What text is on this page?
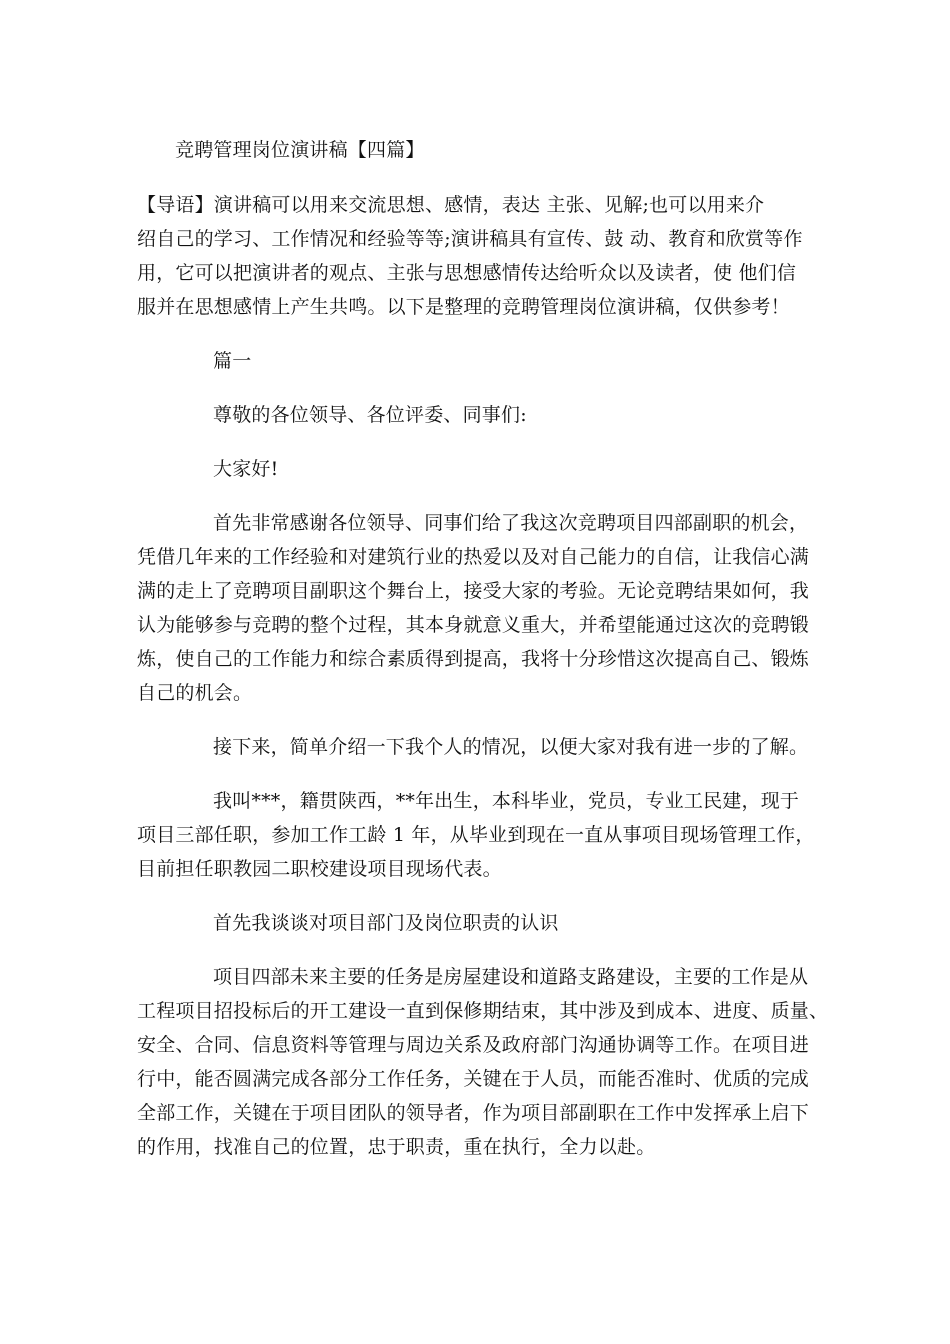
竞聘管理岗位演讲稿【四篇】
【导语】演讲稿可以用来交流思想、感情，表达 主张、见解;也可以用来介
绍自己的学习、工作情况和经验等等;演讲稿具有宣传、鼓 动、教育和欣赏等作
用，它可以把演讲者的观点、主张与思想感情传达给听众以及读者，使 他们信
服并在思想感情上产生共鸣。以下是整理的竞聘管理岗位演讲稿，仅供参考！
篇一
尊敬的各位领导、各位评委、同事们:
大家好!
首先非常感谢各位领导、同事们给了我这次竞聘项目四部副职的机会，
凭借几年来的工作经验和对建筑行业的热爱以及对自己能力的自信，让我信心满
满的走上了竞聘项目副职这个舞台上，接受大家的考验。无论竞聘结果如何，我
认为能够参与竞聘的整个过程，其本身就意义重大，并希望能通过这次的竞聘锻
炼，使自己的工作能力和综合素质得到提高，我将十分珍惜这次提高自己、锻炼
自己的机会。
接下来，简单介绍一下我个人的情况，以便大家对我有进一步的了解。
我叫***，籍贯陕西，**年出生，本科毕业，党员，专业工民建，现于
项目三部任职，参加工作工龄 1 年，从毕业到现在一直从事项目现场管理工作，
目前担任职教园二职校建设项目现场代表。
首先我谈谈对项目部门及岗位职责的认识
项目四部未来主要的任务是房屋建设和道路支路建设，主要的工作是从
工程项目招投标后的开工建设一直到保修期结束，其中涉及到成本、进度、质量、
安全、合同、信息资料等管理与周边关系及政府部门沟通协调等工作。在项目进
行中，能否圆满完成各部分工作任务，关键在于人员，而能否准时、优质的完成
全部工作，关键在于项目团队的领导者，作为项目部副职在工作中发挥承上启下
的作用，找准自己的位置，忠于职责，重在执行，全力以赴。
